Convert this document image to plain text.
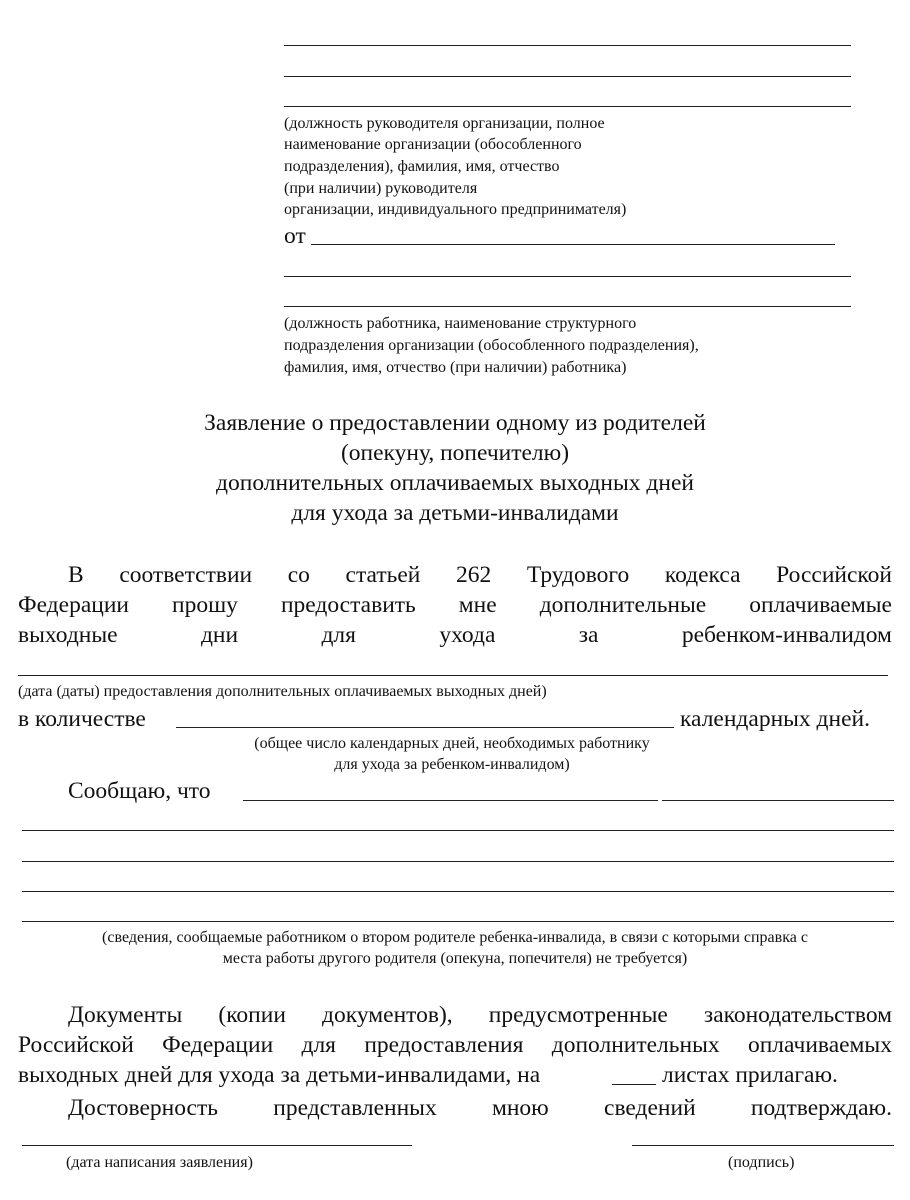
(должность руководителя организации, полное
наименование организации (обособленного
подразделения), фамилия, имя, отчество
(при наличии) руководителя
организации, индивидуального предпринимателя)
от
(должность работника, наименование структурного
подразделения организации (обособленного подразделения),
фамилия, имя, отчество (при наличии) работника)
Заявление о предоставлении одному из родителей
(опекуну, попечителю)
дополнительных оплачиваемых выходных дней
для ухода за детьми-инвалидами
В соответствии со статьей 262 Трудового кодекса Российской
Федерации прошу предоставить мне дополнительные оплачиваемые
выходные	дни	для	ухода	за	ребенком-инвалидом
(дата (даты) предоставления дополнительных оплачиваемых выходных дней)
в количестве	календарных дней.
(общее число календарных дней, необходимых работнику
для ухода за ребенком-инвалидом)
Сообщаю, что
(сведения, сообщаемые работником о втором родителе ребенка-инвалида, в связи с которыми справка с
места работы другого родителя (опекуна, попечителя) не требуется)
Документы (копии документов), предусмотренные законодательством
Российской Федерации для предоставления дополнительных оплачиваемых
выходных дней для ухода за детьми-инвалидами, на	листах прилагаю.
Достоверность представленных мною сведений подтверждаю.
(дата написания заявления)	(подпись)
